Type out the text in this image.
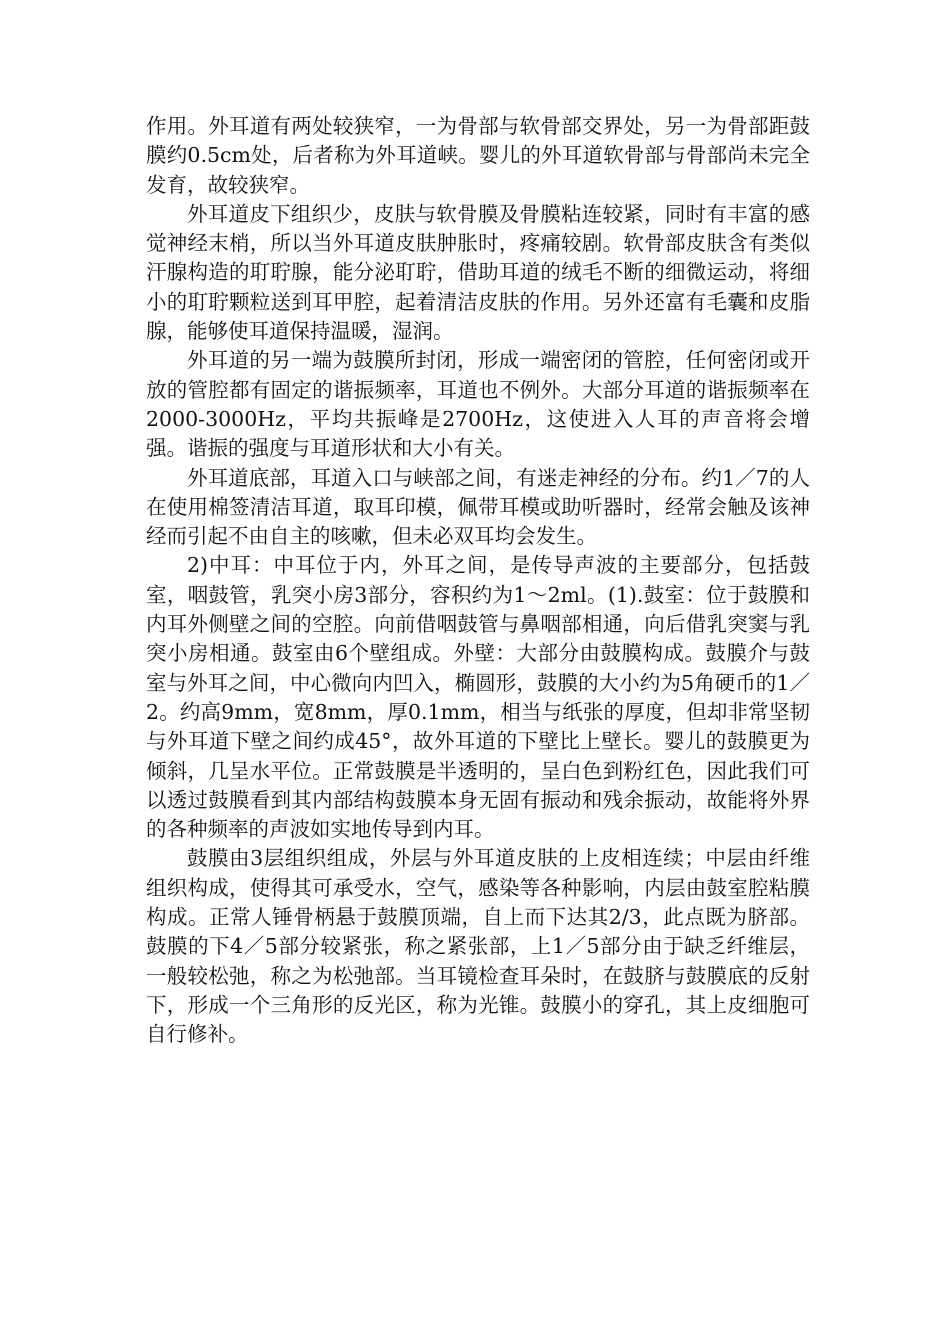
作用。外耳道有两处较狭窄，一为骨部与软骨部交界处，另一为骨部距鼓膜约0.5cm处，后者称为外耳道峡。婴儿的外耳道软骨部与骨部尚未完全发育，故较狭窄。

外耳道皮下组织少，皮肤与软骨膜及骨膜粘连较紧，同时有丰富的感觉神经末梢，所以当外耳道皮肤肿胀时，疼痛较剧。软骨部皮肤含有类似汗腺构造的耵聍腺，能分泌耵聍，借助耳道的绒毛不断的细微运动，将细小的耵聍颗粒送到耳甲腔，起着清洁皮肤的作用。另外还富有毛囊和皮脂腺，能够使耳道保持温暖，湿润。

外耳道的另一端为鼓膜所封闭，形成一端密闭的管腔，任何密闭或开放的管腔都有固定的谐振频率，耳道也不例外。大部分耳道的谐振频率在2000-3000Hz，平均共振峰是2700Hz，这使进入人耳的声音将会增强。谐振的强度与耳道形状和大小有关。

外耳道底部，耳道入口与峡部之间，有迷走神经的分布。约1／7的人在使用棉签清洁耳道，取耳印模，佩带耳模或助听器时，经常会触及该神经而引起不由自主的咳嗽，但未必双耳均会发生。

2)中耳：中耳位于内，外耳之间，是传导声波的主要部分，包括鼓室，咽鼓管，乳突小房3部分，容积约为1～2ml。(1).鼓室：位于鼓膜和内耳外侧壁之间的空腔。向前借咽鼓管与鼻咽部相通，向后借乳突窦与乳突小房相通。鼓室由6个壁组成。外壁：大部分由鼓膜构成。鼓膜介与鼓室与外耳之间，中心微向内凹入，椭圆形，鼓膜的大小约为5角硬币的1／2。约高9mm，宽8mm，厚0.1mm，相当与纸张的厚度，但却非常坚韧与外耳道下壁之间约成45°，故外耳道的下壁比上壁长。婴儿的鼓膜更为倾斜，几呈水平位。正常鼓膜是半透明的，呈白色到粉红色，因此我们可以透过鼓膜看到其内部结构鼓膜本身无固有振动和残余振动，故能将外界的各种频率的声波如实地传导到内耳。

鼓膜由3层组织组成，外层与外耳道皮肤的上皮相连续；中层由纤维组织构成，使得其可承受水，空气，感染等各种影响，内层由鼓室腔粘膜构成。正常人锤骨柄悬于鼓膜顶端，自上而下达其2/3，此点既为脐部。鼓膜的下4／5部分较紧张，称之紧张部，上1／5部分由于缺乏纤维层，一般较松弛，称之为松弛部。当耳镜检查耳朵时，在鼓脐与鼓膜底的反射下，形成一个三角形的反光区，称为光锥。鼓膜小的穿孔，其上皮细胞可自行修补。
